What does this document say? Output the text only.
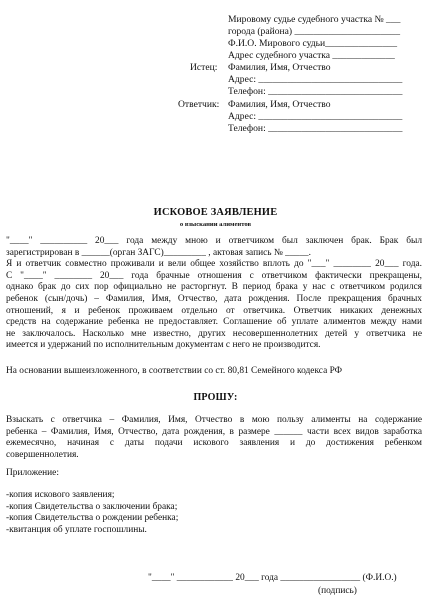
Мировому судье судебного участка № ___
города (района) ______________________
Ф.И.О. Мирового судьи_______________
Адрес судебного участка _____________
Истец: Фамилия, Имя, Отчество
Адрес: ______________________________
Телефон: ____________________________
Ответчик: Фамилия, Имя, Отчество
Адрес: ______________________________
Телефон: ____________________________
ИСКОВОЕ ЗАЯВЛЕНИЕ
о взыскании алиментов
"____" __________ 20___ года между мною и ответчиком был заключен брак. Брак был
зарегистрирован в ______(орган ЗАГС)_________ , актовая запись № _____.
Я и ответчик совместно проживали и вели общее хозяйство вплоть до "___" ________ 20___ года.
С "____" ________ 20___ года брачные отношения с ответчиком фактически прекращены,
однако брак до сих пор официально не расторгнут. В период брака у нас с ответчиком родился
ребенок (сын/дочь) – Фамилия, Имя, Отчество, дата рождения. После прекращения брачных
отношений, я и ребенок проживаем отдельно от ответчика. Ответчик никаких денежных
средств на содержание ребенка не предоставляет. Соглашение об уплате алиментов между нами
не заключалось. Насколько мне известно, других несовершеннолетних детей у ответчика не
имеется и удержаний по исполнительным документам с него не производится.
На основании вышеизложенного, в соответствии со ст. 80,81 Семейного кодекса РФ
ПРОШУ:
Взыскать с ответчика – Фамилия, Имя, Отчество в мою пользу алименты на содержание
ребенка – Фамилия, Имя, Отчество, дата рождения, в размере ______ части всех видов заработка
ежемесячно, начиная с даты подачи искового заявления и до достижения ребенком
совершеннолетия.
Приложение:
-копия искового заявления;
-копия Свидетельства о заключении брака;
-копия Свидетельства о рождении ребенка;
-квитанция об уплате госпошлины.
"____" ____________ 20___ года _________________ (Ф.И.О.)
(подпись)
